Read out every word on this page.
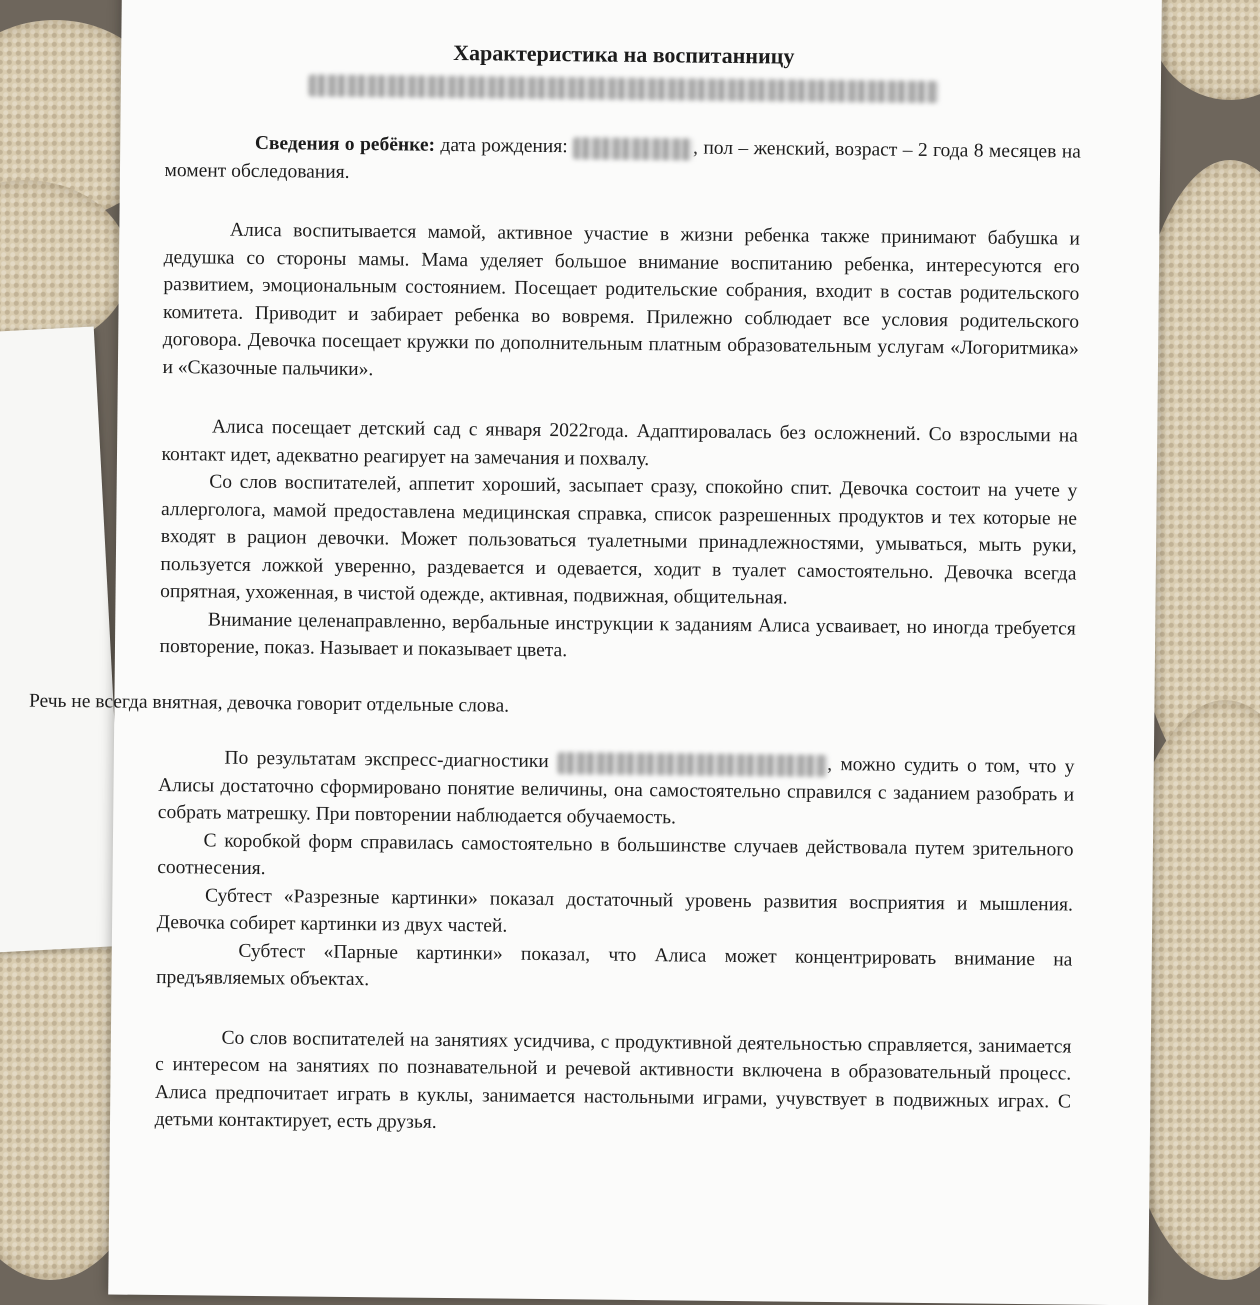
Характеристика на воспитанницу

Сведения о ребёнке: дата рождения:	, пол – женский, возраст – 2 года 8 месяцев на момент обследования.

Алиса воспитывается мамой, активное участие в жизни ребенка также принимают бабушка и дедушка со стороны мамы. Мама уделяет большое внимание воспитанию ребенка, интересуются его развитием, эмоциональным состоянием. Посещает родительские собрания, входит в состав родительского комитета. Приводит и забирает ребенка во вовремя. Прилежно соблюдает все условия родительского договора. Девочка посещает кружки по дополнительным платным образовательным услугам «Логоритмика» и «Сказочные пальчики».

Алиса посещает детский сад с января 2022года. Адаптировалась без осложнений. Со взрослыми на контакт идет, адекватно реагирует на замечания и похвалу.

Со слов воспитателей, аппетит хороший, засыпает сразу, спокойно спит. Девочка состоит на учете у аллерголога, мамой предоставлена медицинская справка, список разрешенных продуктов и тех которые не входят в рацион девочки. Может пользоваться туалетными принадлежностями, умываться, мыть руки, пользуется ложкой уверенно, раздевается и одевается, ходит в туалет самостоятельно. Девочка всегда опрятная, ухоженная, в чистой одежде, активная, подвижная, общительная.

Внимание целенаправленно, вербальные инструкции к заданиям Алиса усваивает, но иногда требуется повторение, показ. Называет и показывает цвета.

Речь не всегда внятная, девочка говорит отдельные слова.

По результатам экспресс-диагностики	, можно судить о том, что у Алисы достаточно сформировано понятие величины, она самостоятельно справился с заданием разобрать и собрать матрешку. При повторении наблюдается обучаемость.

С коробкой форм справилась самостоятельно в большинстве случаев действовала путем зрительного соотнесения.

Субтест «Разрезные картинки» показал достаточный уровень развития восприятия и мышления. Девочка собирет картинки из двух частей.

Субтест «Парные картинки» показал, что Алиса может концентрировать внимание на предъявляемых объектах.

Со слов воспитателей на занятиях усидчива, с продуктивной деятельностью справляется, занимается с интересом на занятиях по познавательной и речевой активности включена в образовательный процесс. Алиса предпочитает играть в куклы, занимается настольными играми, учувствует в подвижных играх. С детьми контактирует, есть друзья.
